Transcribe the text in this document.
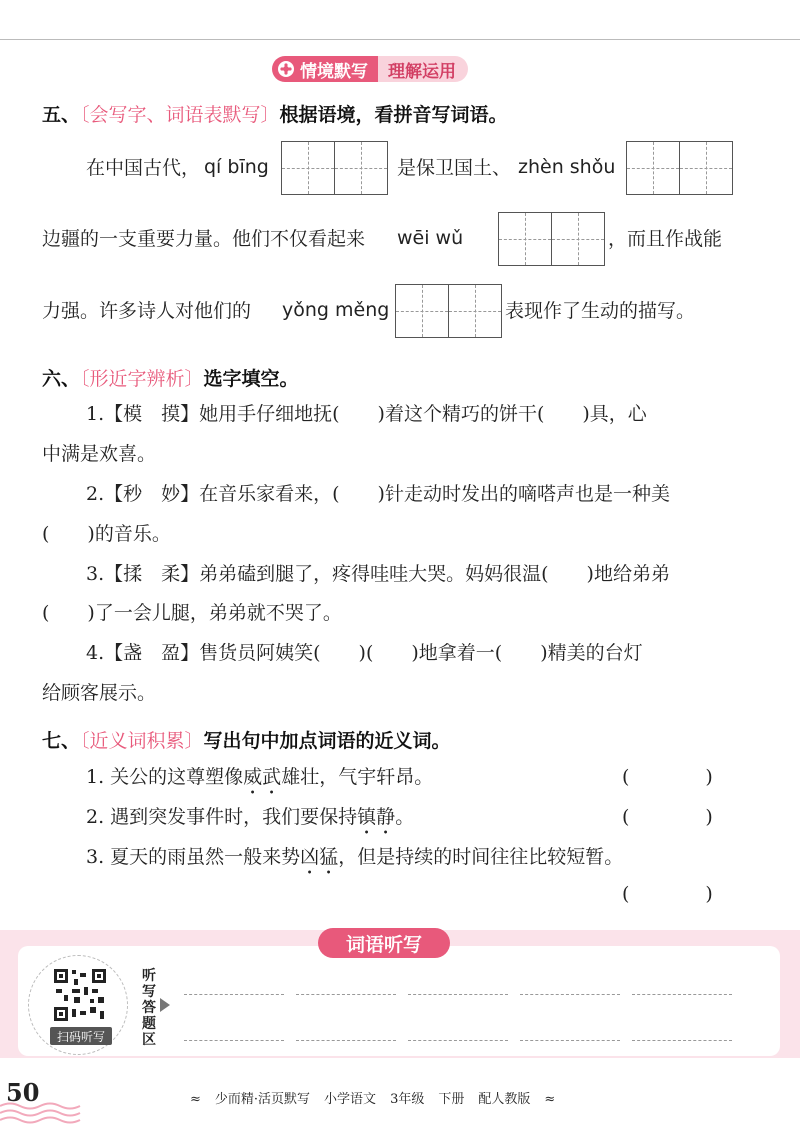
情境默写 理解运用
五、〔会写字、词语表默写〕根据语境，看拼音写词语。
在中国古代， qí bīng	是保卫国土、 zhèn shǒu
边疆的一支重要力量。他们不仅看起来 wēi wǔ	，而且作战能
力强。许多诗人对他们的 yǒng měng	表现作了生动的描写。
六、〔形近字辨析〕选字填空。
1.【模　摸】她用手仔细地抚(　　)着这个精巧的饼干(　　)具，心
中满是欢喜。
2.【秒　妙】在音乐家看来，(　　)针走动时发出的嘀嗒声也是一种美
(　　)的音乐。
3.【揉　柔】弟弟磕到腿了，疼得哇哇大哭。妈妈很温(　　)地给弟弟
(　　)了一会儿腿，弟弟就不哭了。
4.【盏　盈】售货员阿姨笑(　　)(　　)地拿着一(　　)精美的台灯
给顾客展示。
七、〔近义词积累〕写出句中加点词语的近义词。
1. 关公的这尊塑像威武雄壮，气宇轩昂。	(　　　　)
2. 遇到突发事件时，我们要保持镇静。	(　　　　)
3. 夏天的雨虽然一般来势凶猛，但是持续的时间往往比较短暂。
(　　　　)
词语听写
扫码听写
听写答题区
50	≈ 少而精·活页默写 小学语文 3年级 下册 配人教版 ≈
